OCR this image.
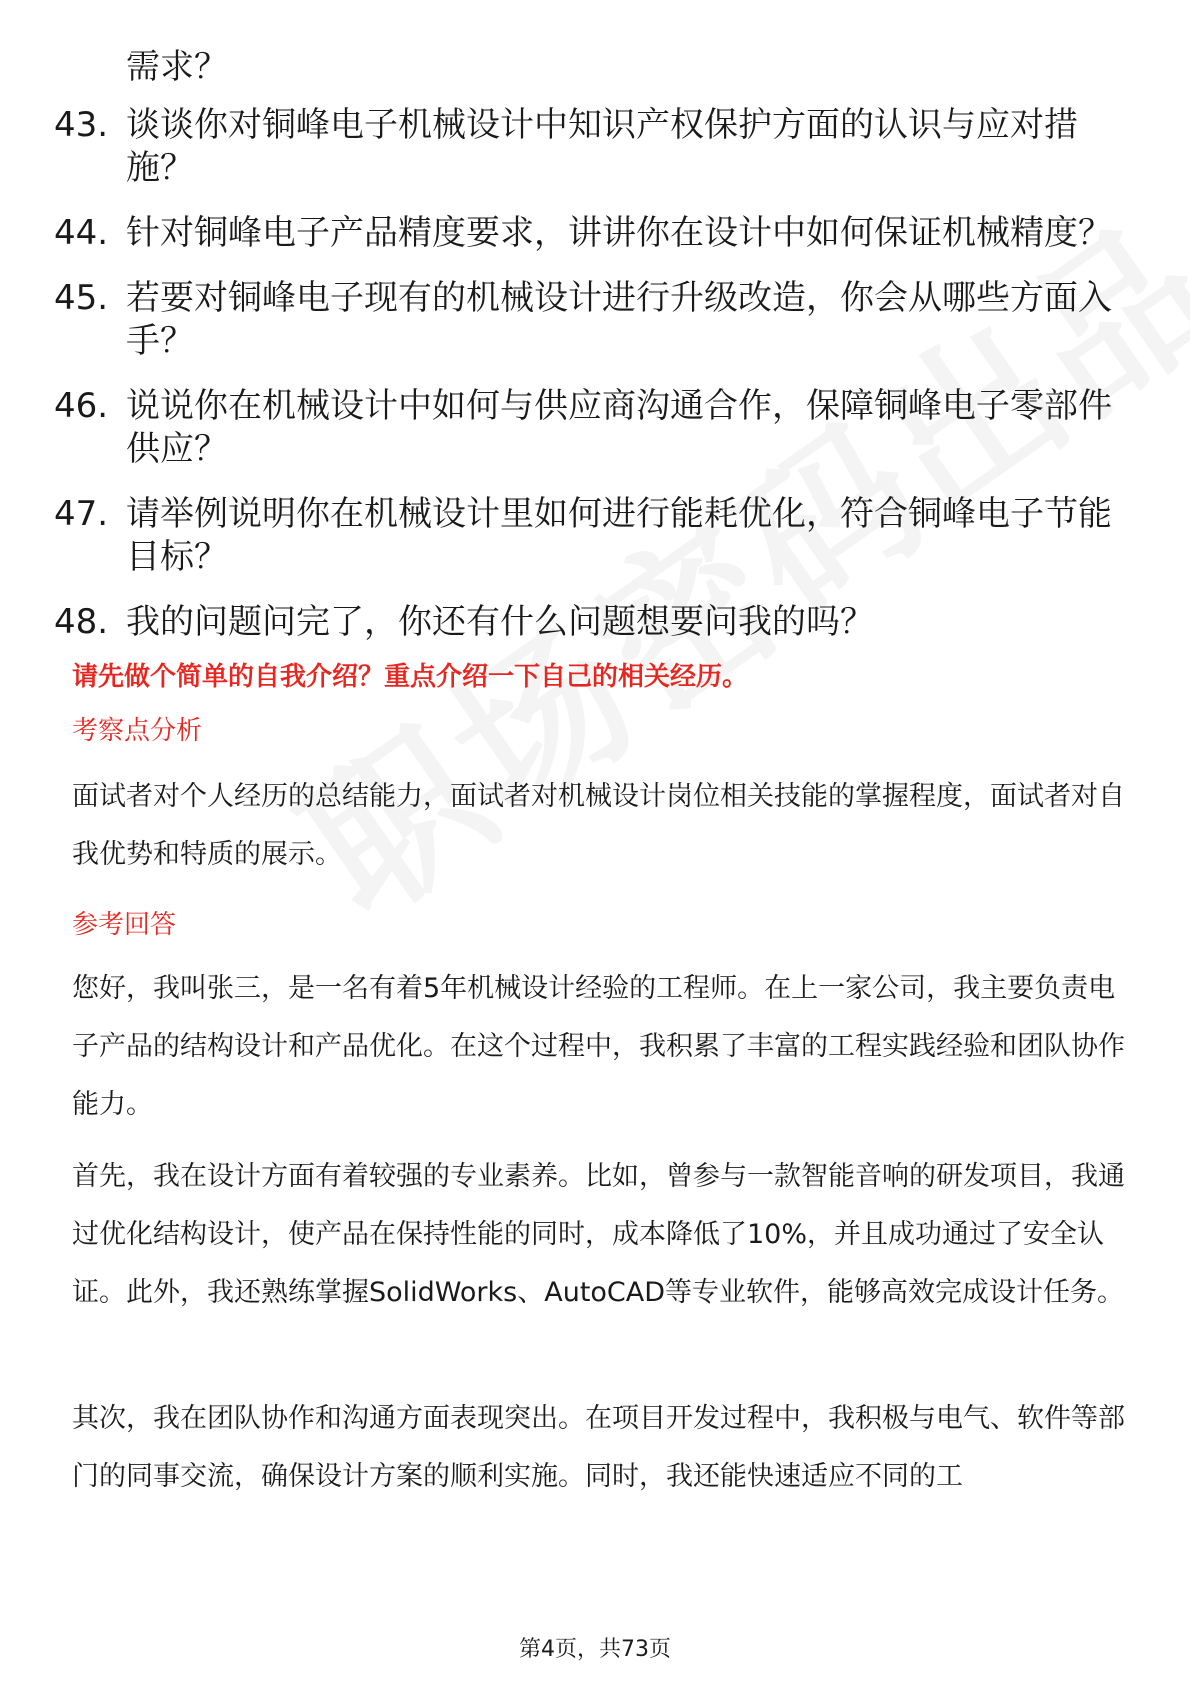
需求？
43. 谈谈你对铜峰电子机械设计中知识产权保护方面的认识与应对措施？
44. 针对铜峰电子产品精度要求，讲讲你在设计中如何保证机械精度？
45. 若要对铜峰电子现有的机械设计进行升级改造，你会从哪些方面入手？
46. 说说你在机械设计中如何与供应商沟通合作，保障铜峰电子零部件供应？
47. 请举例说明你在机械设计里如何进行能耗优化，符合铜峰电子节能目标？
48. 我的问题问完了，你还有什么问题想要问我的吗？
请先做个简单的自我介绍？重点介绍一下自己的相关经历。
考察点分析
面试者对个人经历的总结能力，面试者对机械设计岗位相关技能的掌握程度，面试者对自我优势和特质的展示。
参考回答
您好，我叫张三，是一名有着5年机械设计经验的工程师。在上一家公司，我主要负责电子产品的结构设计和产品优化。在这个过程中，我积累了丰富的工程实践经验和团队协作能力。
首先，我在设计方面有着较强的专业素养。比如，曾参与一款智能音响的研发项目，我通过优化结构设计，使产品在保持性能的同时，成本降低了10%，并且成功通过了安全认证。此外，我还熟练掌握SolidWorks、AutoCAD等专业软件，能够高效完成设计任务。
其次，我在团队协作和沟通方面表现突出。在项目开发过程中，我积极与电气、软件等部门的同事交流，确保设计方案的顺利实施。同时，我还能快速适应不同的工
第4页，共73页
